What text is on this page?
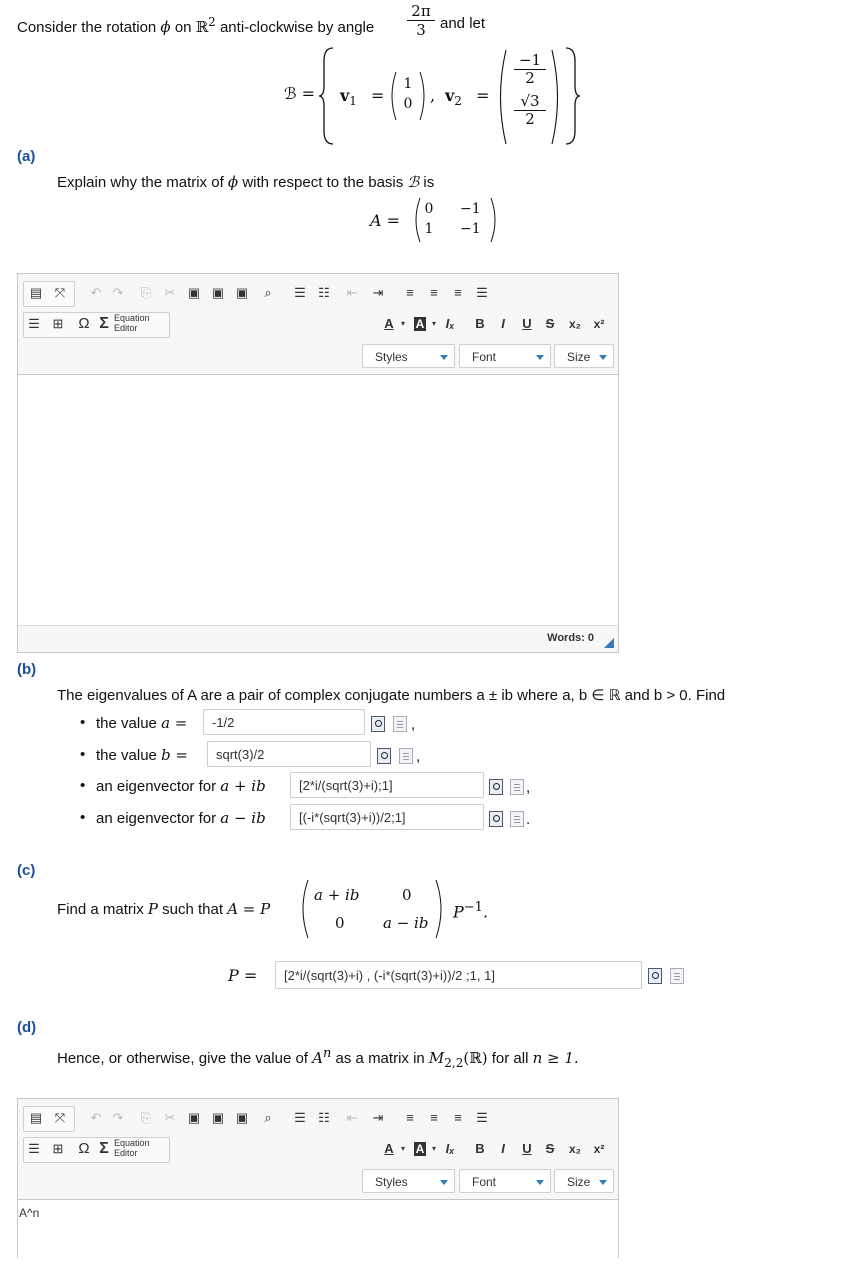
Consider the rotation ϕ on ℝ$^2$ anti-clockwise by angle $\frac{2\pi}{3}$ and let
ℬ = $v_1$ =
1
0 , $v_2$ =
−1
2
√3
2
(a)
Explain why the matrix of ϕ with respect to the basis ℬ is
A =
0 −1
1 −1
▤ ⤧ ↶ ↷ ⎘ ✂ ▣ ▣ ▣	⌕	☰ ☷ ⇤ ⇥	≡	≡	≡	☰
☰ ⊞ Ω Σ Equation
Editor	A ▾ A ▾ Iₓ	B	I	U S	x₂	x²
Styles	Font	Size
Words: 0
(b)
The eigenvalues of A are a pair of complex conjugate numbers a ± ib where a, b ∈ ℝ and b > 0. Find
• the value a =	-1/2	,
• the value b =	sqrt(3)/2	,
• an eigenvector for a + ib	[2*i/(sqrt(3)+i);1]	,
• an eigenvector for a − ib	[(-i*(sqrt(3)+i))/2;1]	.
(c)
Find a matrix P such that A = P
a + ib	0
0	a − ib
$P^{-1}$.
P =	[2*i/(sqrt(3)+i) , (-i*(sqrt(3)+i))/2 ;1, 1]
(d)
Hence, or otherwise, give the value of $A^n$ as a matrix in $M_{2,2}(ℝ)$ for all n ≥ 1.
▤ ⤧ ↶ ↷ ⎘ ✂ ▣ ▣ ▣	⌕	☰ ☷ ⇤ ⇥	≡	≡	≡	☰
☰ ⊞ Ω Σ Equation
Editor	A ▾ A ▾ Iₓ	B	I	U S	x₂	x²
Styles	Font	Size
A^n
